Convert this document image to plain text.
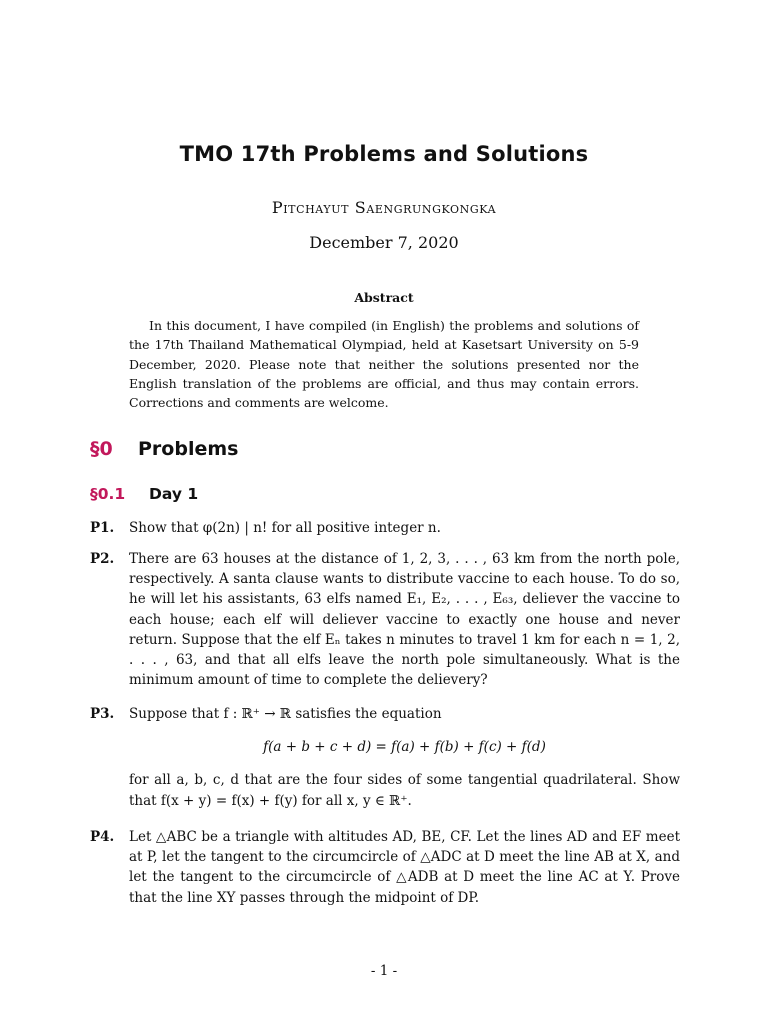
TMO 17th Problems and Solutions
Pitchayut Saengrungkongka
December 7, 2020
Abstract
In this document, I have compiled (in English) the problems and solutions of the 17th Thailand Mathematical Olympiad, held at Kasetsart University on 5-9 December, 2020. Please note that neither the solutions presented nor the English translation of the problems are official, and thus may contain errors. Corrections and comments are welcome.
§0 Problems
§0.1 Day 1
P1. Show that φ(2n) | n! for all positive integer n.

P2. There are 63 houses at the distance of 1, 2, 3, . . . , 63 km from the north pole, respectively. A santa clause wants to distribute vaccine to each house. To do so, he will let his assistants, 63 elfs named E₁, E₂, . . . , E₆₃, deliever the vaccine to each house; each elf will deliever vaccine to exactly one house and never return. Suppose that the elf Eₙ takes n minutes to travel 1 km for each n = 1, 2, . . . , 63, and that all elfs leave the north pole simultaneously. What is the minimum amount of time to complete the delievery?

P3. Suppose that f : ℝ⁺ → ℝ satisfies the equation

f(a + b + c + d) = f(a) + f(b) + f(c) + f(d)

for all a, b, c, d that are the four sides of some tangential quadrilateral. Show that f(x + y) = f(x) + f(y) for all x, y ∈ ℝ⁺.

P4. Let △ABC be a triangle with altitudes AD, BE, CF. Let the lines AD and EF meet at P, let the tangent to the circumcircle of △ADC at D meet the line AB at X, and let the tangent to the circumcircle of △ADB at D meet the line AC at Y. Prove that the line XY passes through the midpoint of DP.

- 1 -
